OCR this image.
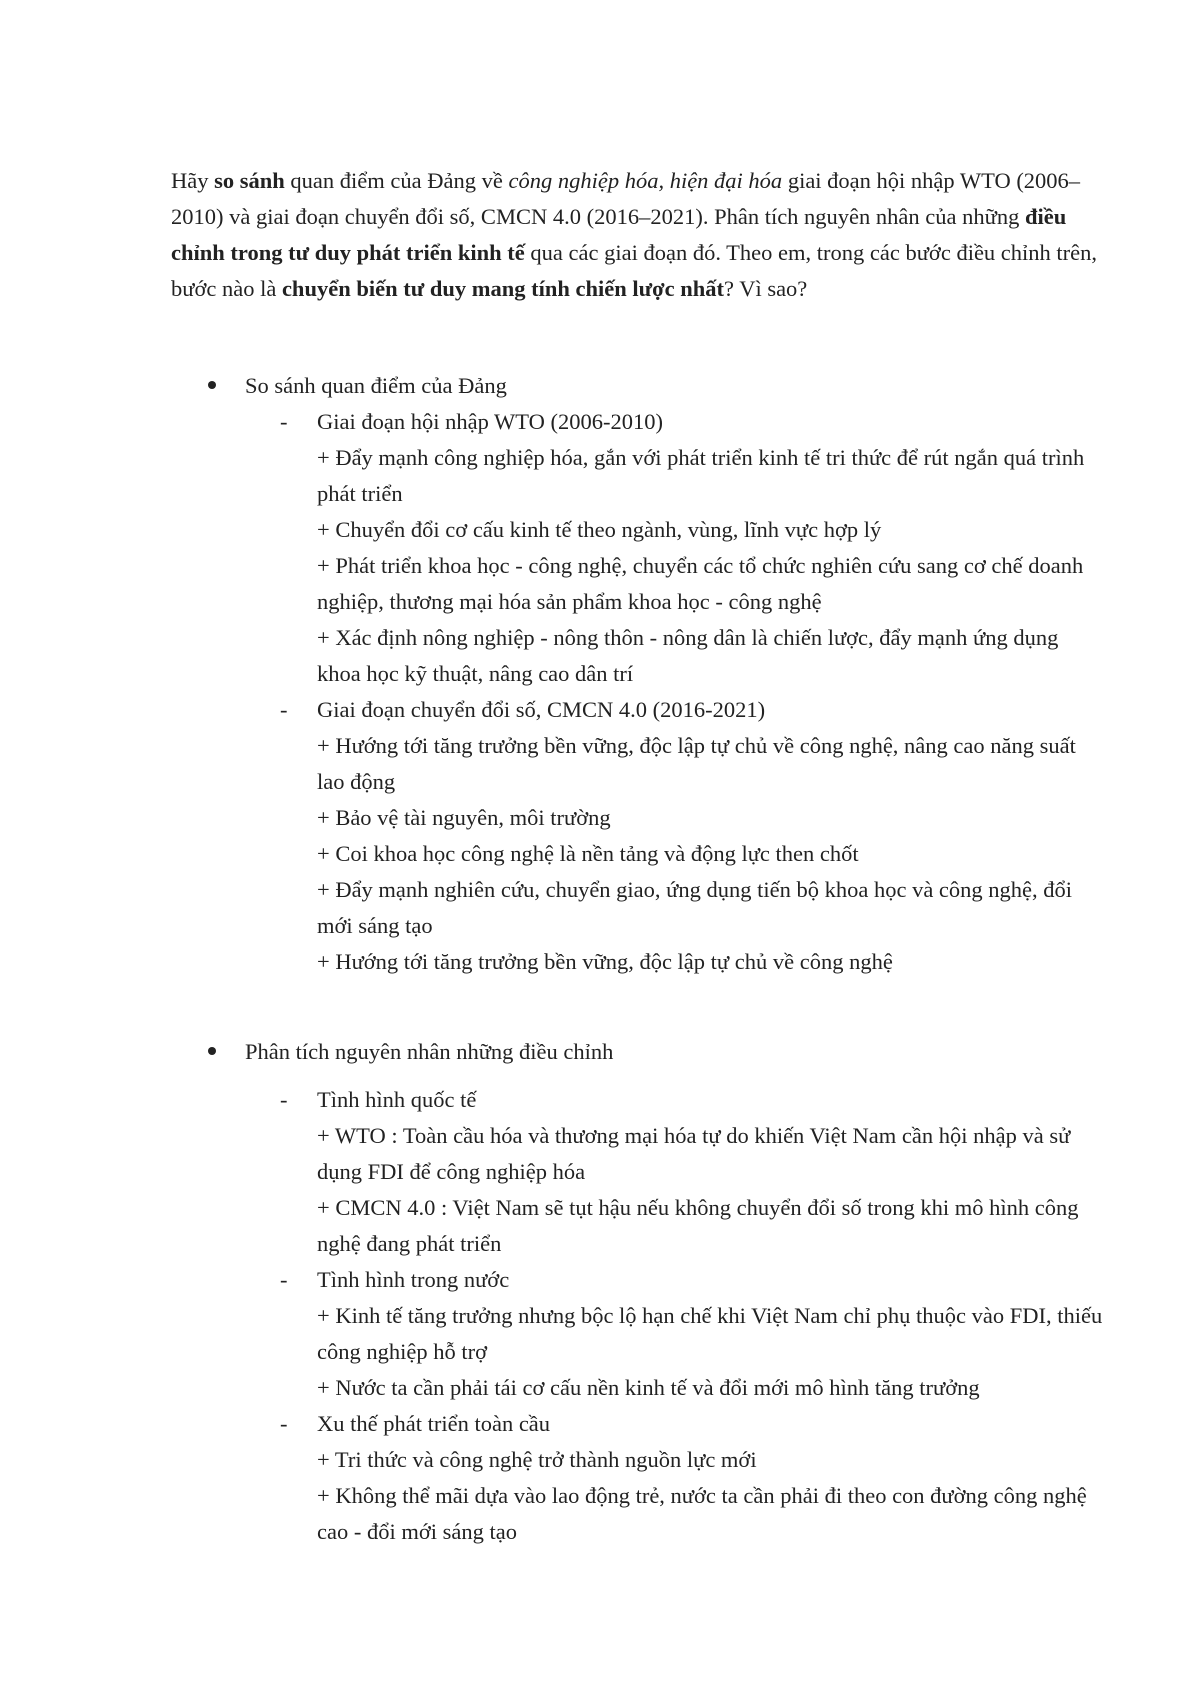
Hãy so sánh quan điểm của Đảng về công nghiệp hóa, hiện đại hóa giai đoạn hội nhập WTO (2006–2010) và giai đoạn chuyển đổi số, CMCN 4.0 (2016–2021). Phân tích nguyên nhân của những điều chỉnh trong tư duy phát triển kinh tế qua các giai đoạn đó. Theo em, trong các bước điều chỉnh trên, bước nào là chuyển biến tư duy mang tính chiến lược nhất? Vì sao?

So sánh quan điểm của Đảng
- Giai đoạn hội nhập WTO (2006-2010)
+ Đẩy mạnh công nghiệp hóa, gắn với phát triển kinh tế tri thức để rút ngắn quá trình phát triển
+ Chuyển đổi cơ cấu kinh tế theo ngành, vùng, lĩnh vực hợp lý
+ Phát triển khoa học - công nghệ, chuyển các tổ chức nghiên cứu sang cơ chế doanh nghiệp, thương mại hóa sản phẩm khoa học - công nghệ
+ Xác định nông nghiệp - nông thôn - nông dân là chiến lược, đẩy mạnh ứng dụng khoa học kỹ thuật, nâng cao dân trí
- Giai đoạn chuyển đổi số, CMCN 4.0 (2016-2021)
+ Hướng tới tăng trưởng bền vững, độc lập tự chủ về công nghệ, nâng cao năng suất lao động
+ Bảo vệ tài nguyên, môi trường
+ Coi khoa học công nghệ là nền tảng và động lực then chốt
+ Đẩy mạnh nghiên cứu, chuyển giao, ứng dụng tiến bộ khoa học và công nghệ, đổi mới sáng tạo
+ Hướng tới tăng trưởng bền vững, độc lập tự chủ về công nghệ
Phân tích nguyên nhân những điều chỉnh
- Tình hình quốc tế
+ WTO : Toàn cầu hóa và thương mại hóa tự do khiến Việt Nam cần hội nhập và sử dụng FDI để công nghiệp hóa
+ CMCN 4.0 : Việt Nam sẽ tụt hậu nếu không chuyển đổi số trong khi mô hình công nghệ đang phát triển
- Tình hình trong nước
+ Kinh tế tăng trưởng nhưng bộc lộ hạn chế khi Việt Nam chỉ phụ thuộc vào FDI, thiếu công nghiệp hỗ trợ
+ Nước ta cần phải tái cơ cấu nền kinh tế và đổi mới mô hình tăng trưởng
- Xu thế phát triển toàn cầu
+ Tri thức và công nghệ trở thành nguồn lực mới
+ Không thể mãi dựa vào lao động trẻ, nước ta cần phải đi theo con đường công nghệ cao - đổi mới sáng tạo
